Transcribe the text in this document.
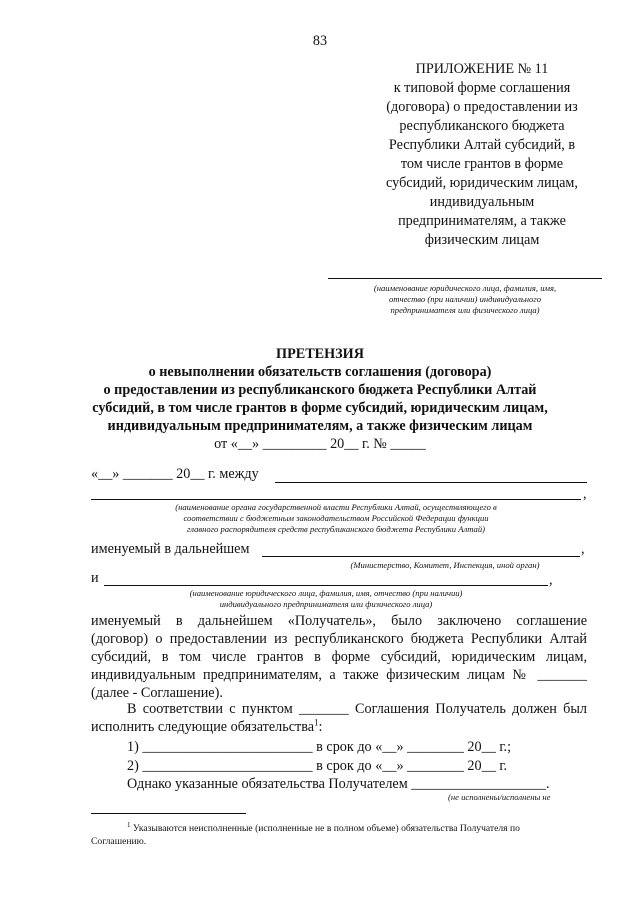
83
ПРИЛОЖЕНИЕ № 11
к типовой форме соглашения
(договора) о предоставлении из
республиканского бюджета
Республики Алтай субсидий, в
том числе грантов в форме
субсидий, юридическим лицам,
индивидуальным
предпринимателям, а также
физическим лицам
(наименование юридического лица, фамилия, имя,
отчество (при наличии) индивидуального
предпринимателя или физического лица)
ПРЕТЕНЗИЯ
о невыполнении обязательств соглашения (договора)
о предоставлении из республиканского бюджета Республики Алтай
субсидий, в том числе грантов в форме субсидий, юридическим лицам,
индивидуальным предпринимателям, а также физическим лицам
от «__» _________ 20__ г. № _____
«__» _______ 20__ г. между
,
(наименование органа государственной власти Республики Алтай, осуществляющего в
соответствии с бюджетным законодательством Российской Федерации функции
главного распорядителя средств республиканского бюджета Республики Алтай)
именуемый в дальнейшем	,
(Министерство, Комитет, Инспекция, иной орган)
и	,
(наименование юридического лица, фамилия, имя, отчество (при наличии)
индивидуального предпринимателя или физического лица)
именуемый в дальнейшем «Получатель», было заключено соглашение
(договор) о предоставлении из республиканского бюджета Республики Алтай
субсидий, в том числе грантов в форме субсидий, юридическим лицам,
индивидуальным предпринимателям, а также физическим лицам № _______
(далее - Соглашение).
В соответствии с пунктом _______ Соглашения Получатель должен был
исполнить следующие обязательства$^1$:
1) ________________________ в срок до «__» ________ 20__ г.;
2) ________________________ в срок до «__» ________ 20__ г.
Однако указанные обязательства Получателем ___________________.
(не исполнены/исполнены не
$^1$ Указываются неисполненные (исполненные не в полном объеме) обязательства Получателя по
Соглашению.
